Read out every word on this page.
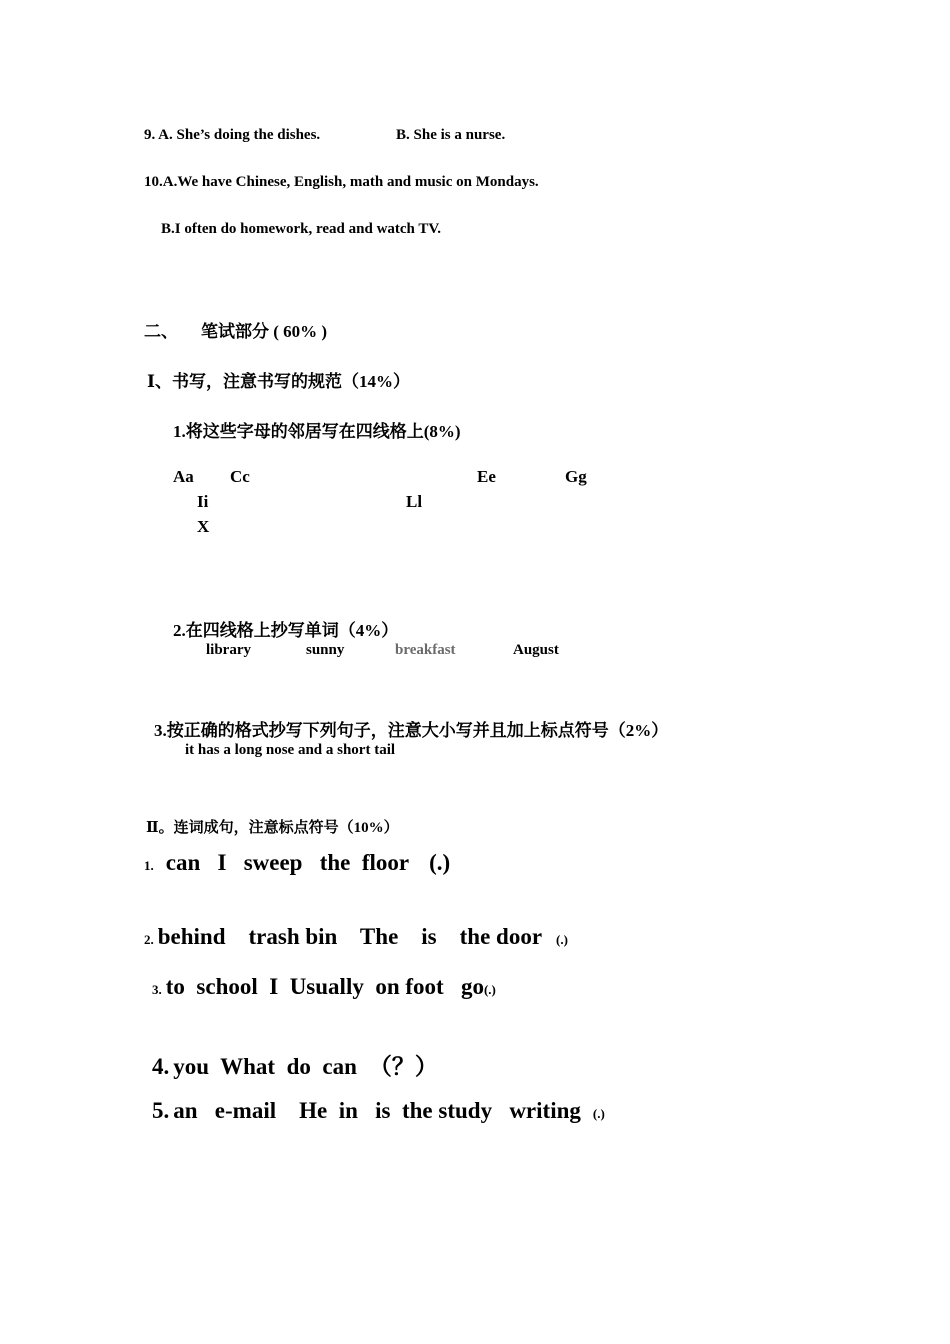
9. A. She’s doing the dishes.	B. She is a nurse.
10.A.We have Chinese, English, math and music on Mondays.
B.I often do homework, read and watch TV.
二、 笔试部分 ( 60% )
Ⅰ、书写，注意书写的规范（14%）
1.将这些字母的邻居写在四线格上(8%)
Aa Cc	Ee	Gg
Ii	Ll
X
2.在四线格上抄写单词（4%）
library	sunny	breakfast	August
3.按正确的格式抄写下列句子，注意大小写并且加上标点符号（2%）
it has a long nose and a short tail
Ⅱ。连词成句，注意标点符号（10%）
1. can   I   sweep   the  floor (.)
2. behind    trash bin    The    is    the door (.)
3. to  school  I  Usually  on foot   go(.)
4. you  What  do  can （？）
5. an   e-mail    He  in   is  the study   writing (.)
